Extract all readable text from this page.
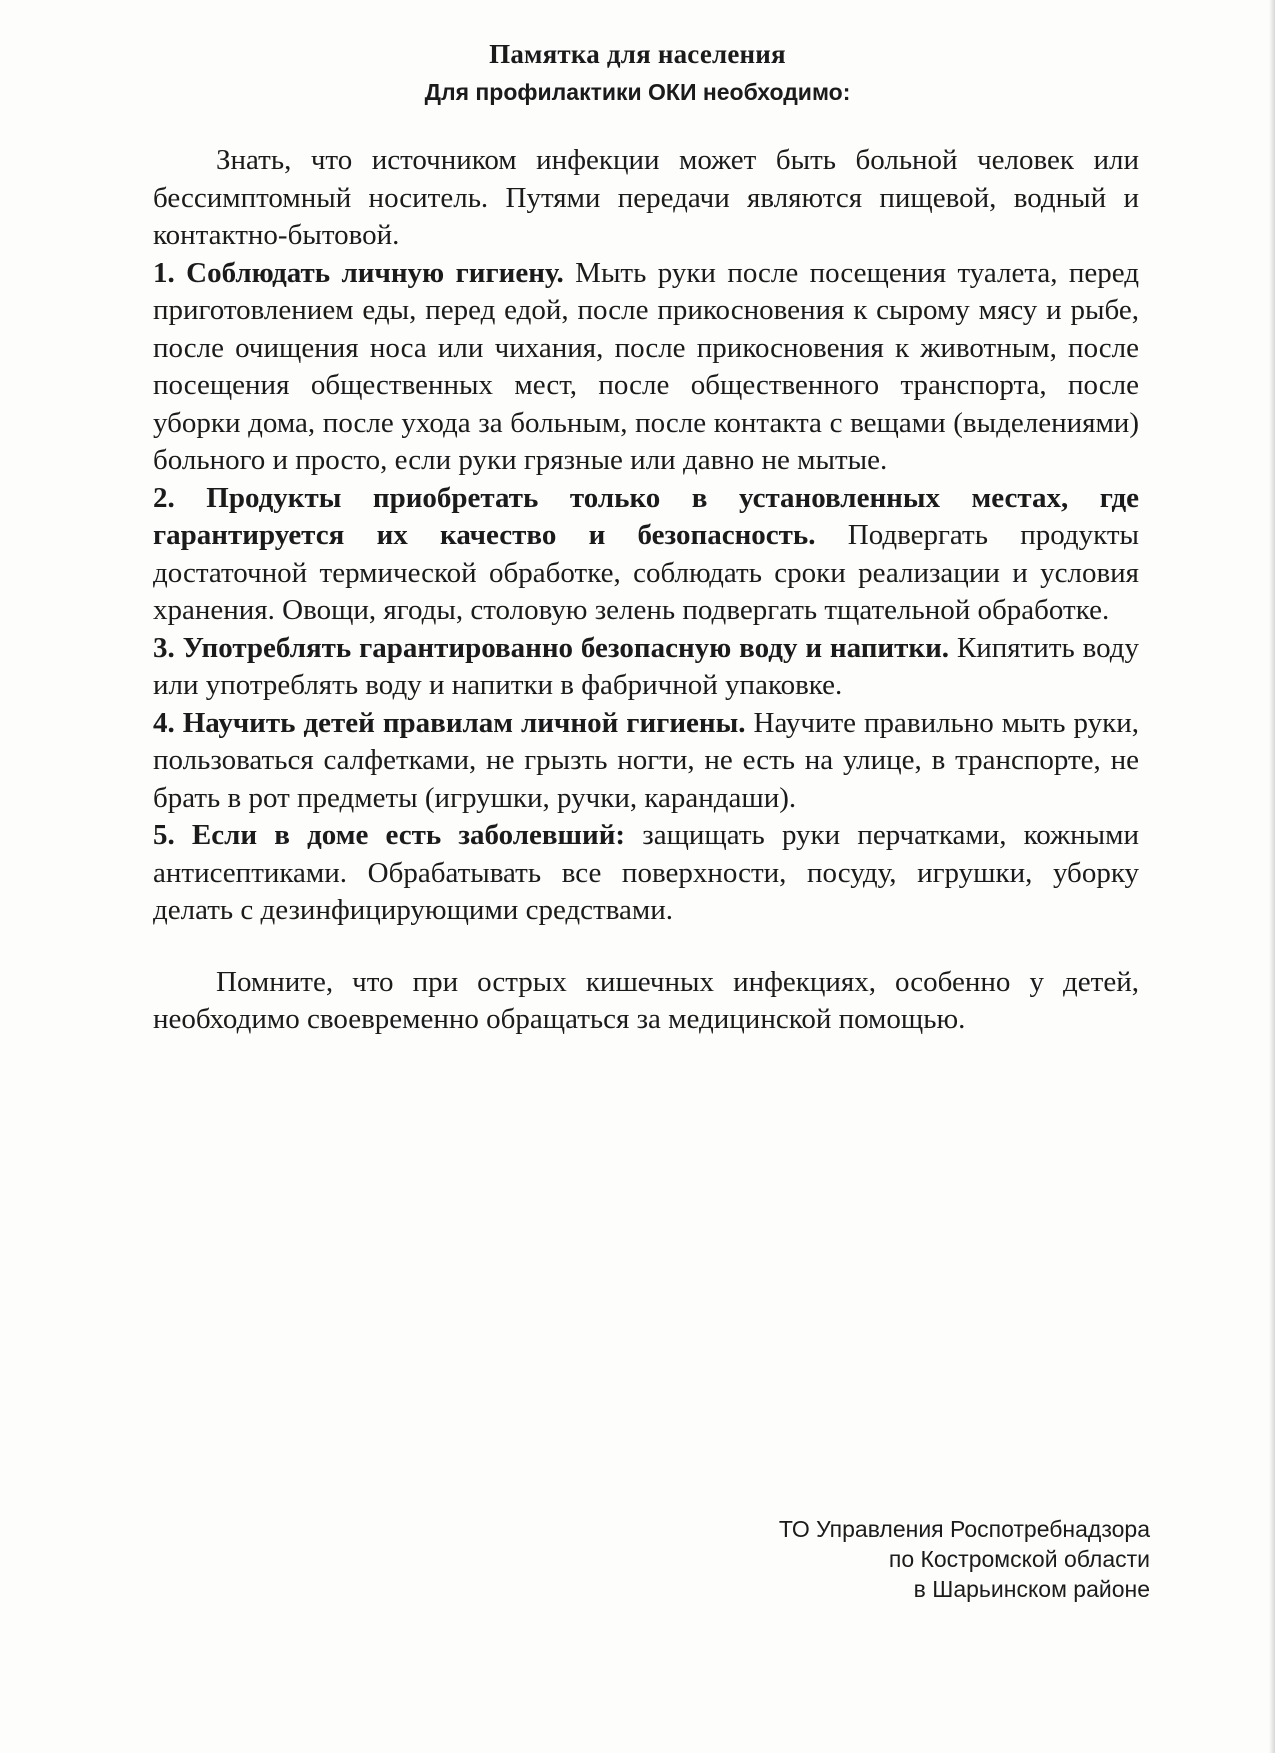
Памятка для населения
Для профилактики ОКИ необходимо:

Знать, что источником инфекции может быть больной человек или бессимптомный носитель. Путями передачи являются пищевой, водный и контактно-бытовой.

1. Соблюдать личную гигиену. Мыть руки после посещения туалета, перед приготовлением еды, перед едой, после прикосновения к сырому мясу и рыбе, после очищения носа или чихания, после прикосновения к животным, после посещения общественных мест, после общественного транспорта, после уборки дома, после ухода за больным, после контакта с вещами (выделениями) больного и просто, если руки грязные или давно не мытые.

2. Продукты приобретать только в установленных местах, где гарантируется их качество и безопасность. Подвергать продукты достаточной термической обработке, соблюдать сроки реализации и условия хранения. Овощи, ягоды, столовую зелень подвергать тщательной обработке.

3. Употреблять гарантированно безопасную воду и напитки. Кипятить воду или употреблять воду и напитки в фабричной упаковке.

4. Научить детей правилам личной гигиены. Научите правильно мыть руки, пользоваться салфетками, не грызть ногти, не есть на улице, в транспорте, не брать в рот предметы (игрушки, ручки, карандаши).

5. Если в доме есть заболевший: защищать руки перчатками, кожными антисептиками. Обрабатывать все поверхности, посуду, игрушки, уборку делать с дезинфицирующими средствами.

Помните, что при острых кишечных инфекциях, особенно у детей, необходимо своевременно обращаться за медицинской помощью.

ТО Управления Роспотребнадзора
по Костромской области
в Шарьинском районе
